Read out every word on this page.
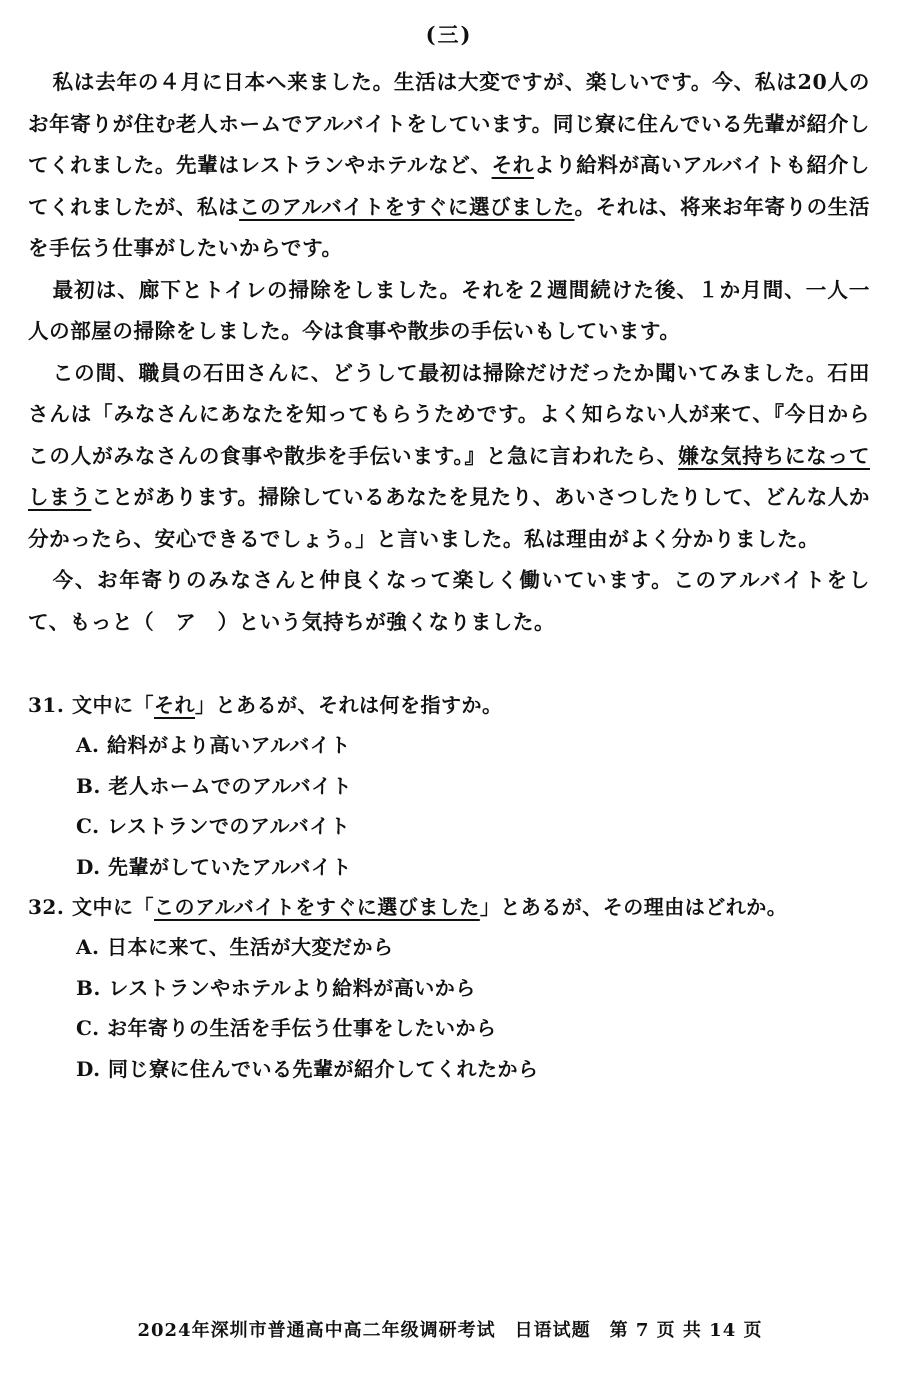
(三)

私は去年の４月に日本へ来ました。生活は大変ですが、楽しいです。今、私は20人のお年寄りが住む老人ホームでアルバイトをしています。同じ寮に住んでいる先輩が紹介してくれました。先輩はレストランやホテルなど、それより給料が高いアルバイトも紹介してくれましたが、私はこのアルバイトをすぐに選びました。それは、将来お年寄りの生活を手伝う仕事がしたいからです。

最初は、廊下とトイレの掃除をしました。それを２週間続けた後、１か月間、一人一人の部屋の掃除をしました。今は食事や散歩の手伝いもしています。

この間、職員の石田さんに、どうして最初は掃除だけだったか聞いてみました。石田さんは「みなさんにあなたを知ってもらうためです。よく知らない人が来て、『今日からこの人がみなさんの食事や散歩を手伝います。』と急に言われたら、嫌な気持ちになってしまうことがあります。掃除しているあなたを見たり、あいさつしたりして、どんな人か分かったら、安心できるでしょう。」と言いました。私は理由がよく分かりました。

今、お年寄りのみなさんと仲良くなって楽しく働いています。このアルバイトをして、もっと（　ア　）という気持ちが強くなりました。

31. 文中に「それ」とあるが、それは何を指すか。
A. 給料がより高いアルバイト
B. 老人ホームでのアルバイト
C. レストランでのアルバイト
D. 先輩がしていたアルバイト
32. 文中に「このアルバイトをすぐに選びました」とあるが、その理由はどれか。
A. 日本に来て、生活が大変だから
B. レストランやホテルより給料が高いから
C. お年寄りの生活を手伝う仕事をしたいから
D. 同じ寮に住んでいる先輩が紹介してくれたから
2024年深圳市普通高中高二年级调研考试　日语试题　第 7 页 共 14 页
